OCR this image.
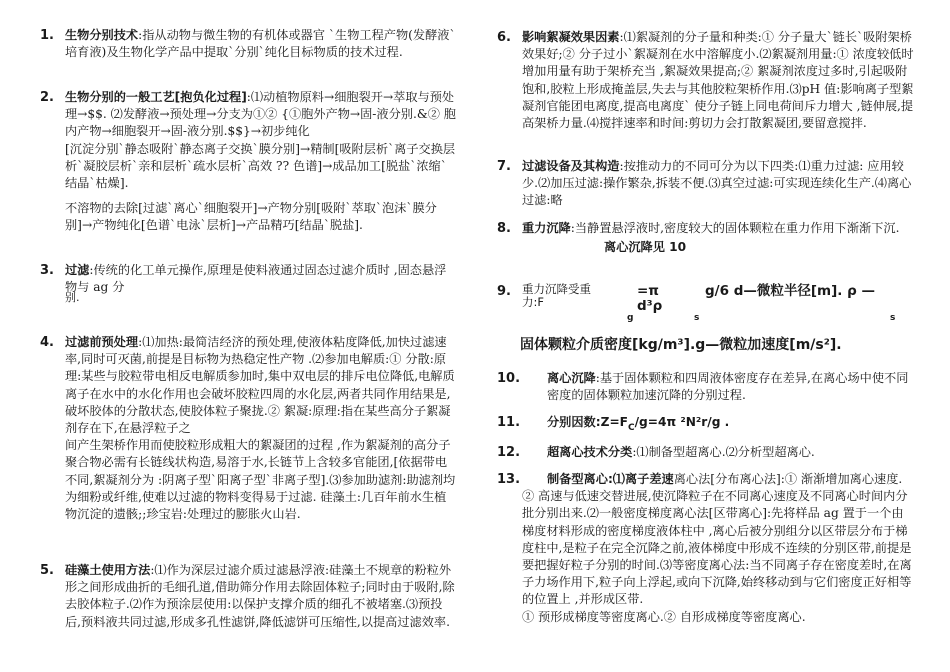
1. 生物分别技术:指从动物与微生物的有机体或器官 `生物工程产物(发酵液`培育液)及生物化学产品中提取`分别`纯化目标物质的技术过程.
2. 生物分别的一般工艺[抱负化过程]:⑴动植物原料→细胞裂开→萃取与预处理→$$. ⑵发酵液→预处理→分支为①② {①胞外产物→固-液分别.&② 胞内产物→细胞裂开→固-液分别.$$}→初步纯化
[沉淀分别`静态吸附`静态离子交换`膜分别]→精制[吸附层析`离子交换层析`凝胶层析`亲和层析`疏水层析`高效 ?? 色谱]→成品加工[脱盐`浓缩`结晶`枯燥].
不溶物的去除[过滤`离心`细胞裂开]→产物分别[吸附`萃取`泡沫`膜分别]→产物纯化[色谱`电泳`层析]→产品精巧[结晶`脱盐].
3. 过滤:传统的化工单元操作,原理是使料液通过固态过滤介质时 ,固态悬浮物与 ag 分
别.
4. 过滤前预处理:⑴加热:最简洁经济的预处理,使液体粘度降低,加快过滤速率,同时可灭菌,前提是目标物为热稳定性产物 .⑵参加电解质:① 分散:原理:某些与胶粒带电相反电解质参加时,集中双电层的排斥电位降低,电解质离子在水中的水化作用也会破坏胶粒四周的水化层,两者共同作用结果是,破坏胶体的分散状态,使胶体粒子聚拢.② 絮凝:原理:指在某些高分子絮凝剂存在下,在悬浮粒子之
间产生架桥作用而使胶粒形成粗大的絮凝团的过程 ,作为絮凝剂的高分子聚合物必需有长链线状构造,易溶于水,长链节上含较多官能团,[依据带电不同,絮凝剂分为 :阴离子型`阳离子型`非离子型].⑶参加助滤剂:助滤剂均为细粉或纤维,使难以过滤的物料变得易于过滤. 硅藻土:几百年前水生植物沉淀的遗骸;;珍宝岩:处理过的膨胀火山岩.
5. 硅藻土使用方法:⑴作为深层过滤介质过滤悬浮液:硅藻土不规章的粉粒外形之间形成曲折的毛细孔道,借助筛分作用去除固体粒子;同时由于吸附,除去胶体粒子.⑵作为预涂层使用:以保护支撑介质的细孔不被堵塞.⑶预投后,预料液共同过滤,形成多孔性滤饼,降低滤饼可压缩性,以提高过滤效率.
6. 影响絮凝效果因素:⑴絮凝剂的分子量和种类:① 分子量大`链长`吸附架桥效果好;② 分子过小`絮凝剂在水中溶解度小.⑵絮凝剂用量:① 浓度较低时增加用量有助于架桥充当 ,絮凝效果提高;② 絮凝剂浓度过多时,引起吸附饱和,胶粒上形成掩盖层,失去与其他胶粒架桥作用.⑶pH 值:影响离子型絮凝剂官能团电离度,提高电离度` 使分子链上同电荷间斥力增大 ,链伸展,提高架桥力量.⑷搅拌速率和时间:剪切力会打散絮凝团,要留意搅拌.
7. 过滤设备及其构造:按推动力的不同可分为以下四类:⑴重力过滤: 应用较少.⑵加压过滤:操作繁杂,拆装不便.⑶真空过滤:可实现连续化生产.⑷离心过滤:略
8. 重力沉降:当静置悬浮液时,密度较大的固体颗粒在重力作用下渐渐下沉.
离心沉降见 10
9. 重力沉降受重力:F
=π
d³ρ
g/6 d—微粒半径[m]. ρ —
g	s	s
固体颗粒介质密度[kg/m³].g—微粒加速度[m/s²].
10. 离心沉降:基于固体颗粒和四周液体密度存在差异,在离心场中使不同密度的固体颗粒加速沉降的分别过程.
11. 分别因数$:Z=F_C/g=4\pi$ ²N²r/g .
12. 超离心技术分类:⑴制备型超离心.⑵分析型超离心.
13. 制备型离心:⑴离子差速离心法[分布离心法]:① 渐渐增加离心速度.
② 高速与低速交替进展,使沉降粒子在不同离心速度及不同离心时间内分批分别出来.⑵一般密度梯度离心法[区带离心]:先将样品 ag 置于一个由梯度材料形成的密度梯度液体柱中 ,离心后被分别组分以区带层分布于梯度柱中,是粒子在完全沉降之前,液体梯度中形成不连续的分别区带,前提是要把握好粒子分别的时间.⑶等密度离心法:当不同离子存在密度差时,在离子力场作用下,粒子向上浮起,或向下沉降,始终移动到与它们密度正好相等的位置上 ,并形成区带.
① 预形成梯度等密度离心.② 自形成梯度等密度离心.
